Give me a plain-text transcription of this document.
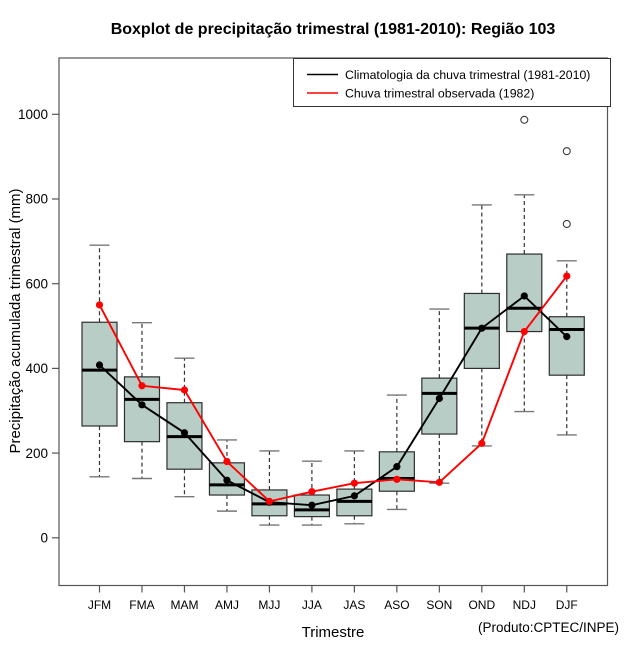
0
200
400
600
800
1000
JFM FMA MAM AMJ MJJ JJA JAS ASO SON OND NDJ DJF
Boxplot de precipitação trimestral (1981-2010): Região 103
Precipitação acumulada trimestral (mm)
Trimestre	(Produto:CPTEC/INPE)
Climatologia da chuva trimestral (1981-2010)
Chuva trimestral observada (1982)
